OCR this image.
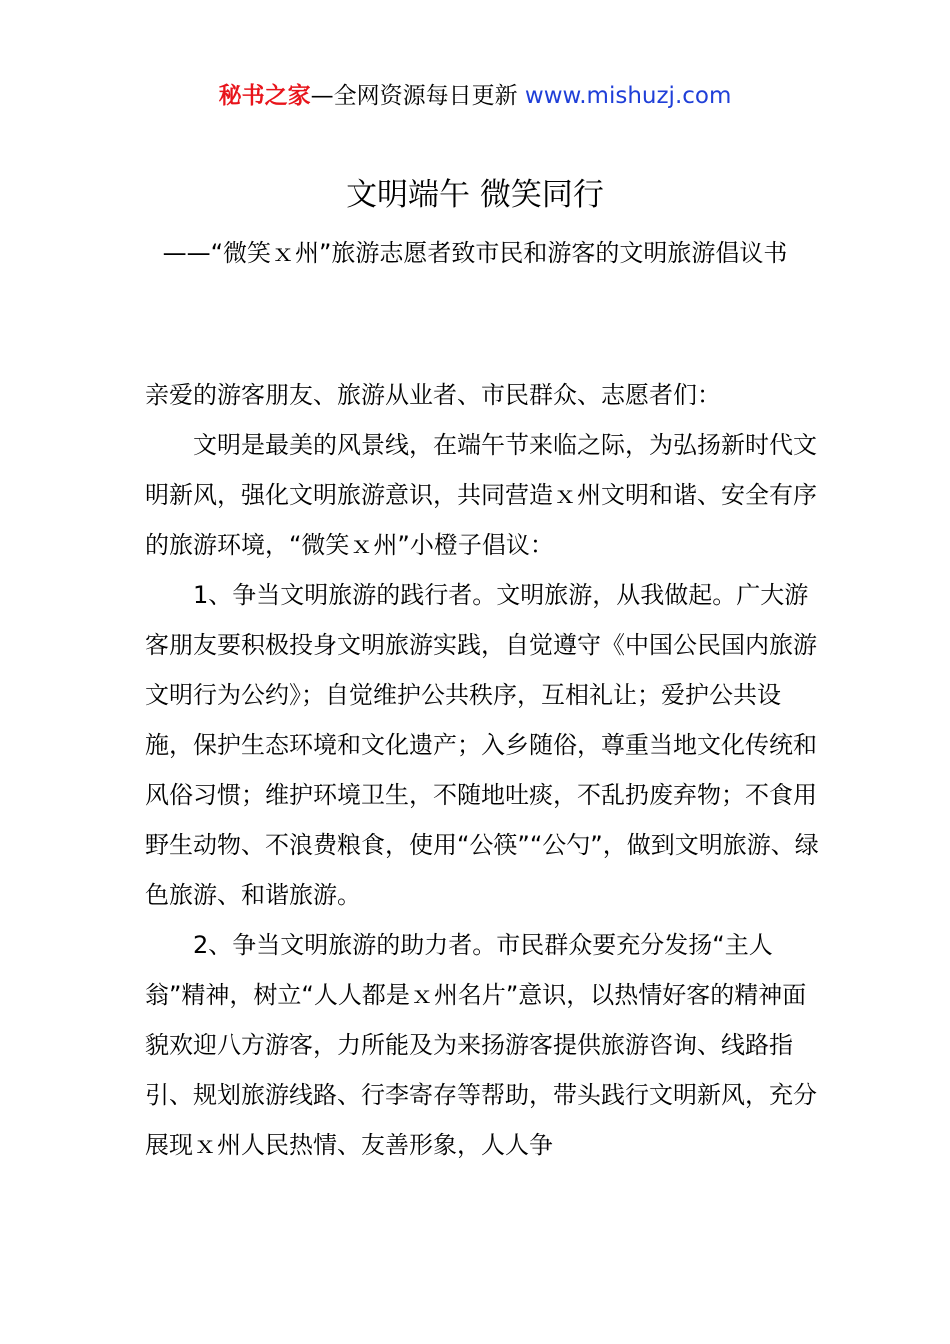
秘书之家—全网资源每日更新 www.mishuzj.com
文明端午 微笑同行
——“微笑ｘ州”旅游志愿者致市民和游客的文明旅游倡议书

亲爱的游客朋友、旅游从业者、市民群众、志愿者们：

文明是最美的风景线，在端午节来临之际，为弘扬新时代文明新风，强化文明旅游意识，共同营造ｘ州文明和谐、安全有序的旅游环境，“微笑ｘ州”小橙子倡议：

1、争当文明旅游的践行者。文明旅游，从我做起。广大游客朋友要积极投身文明旅游实践，自觉遵守《中国公民国内旅游文明行为公约》；自觉维护公共秩序，互相礼让；爱护公共设施，保护生态环境和文化遗产；入乡随俗，尊重当地文化传统和风俗习惯；维护环境卫生，不随地吐痰，不乱扔废弃物；不食用野生动物、不浪费粮食，使用“公筷”“公勺”，做到文明旅游、绿色旅游、和谐旅游。

2、争当文明旅游的助力者。市民群众要充分发扬“主人翁”精神，树立“人人都是ｘ州名片”意识，以热情好客的精神面貌欢迎八方游客，力所能及为来扬游客提供旅游咨询、线路指引、规划旅游线路、行李寄存等帮助，带头践行文明新风，充分展现ｘ州人民热情、友善形象，人人争
